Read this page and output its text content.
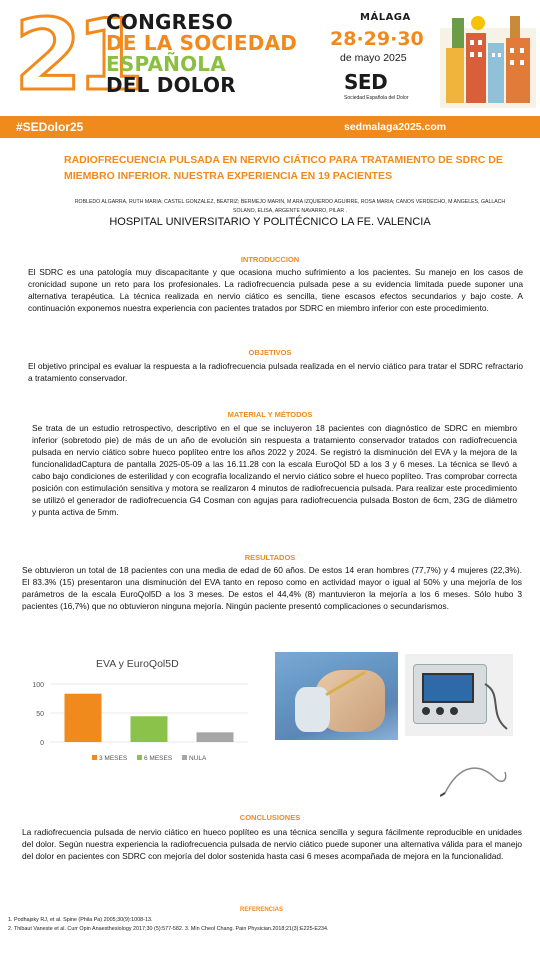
21
CONGRESO
DE LA SOCIEDAD
ESPAÑOLA
DEL DOLOR
MÁLAGA
28·29·30
de mayo 2025
SED
Sociedad Española del Dolor
#SEDolor25	sedmalaga2025.com
RADIOFRECUENCIA PULSADA EN NERVIO CIÁTICO PARA TRATAMIENTO DE SDRC DE MIEMBRO INFERIOR. NUESTRA EXPERIENCIA EN 19 PACIENTES
ROBLEDO ALGARRA, RUTH MARIA; CASTEL GONZALEZ, BEATRIZ; BERMEJO MARIN, M ARA IZQUIERDO AGUIRRE, ROSA MARIA; CANOS VERDECHO, M ANGELES, GALLACH SOLANO, ELISA, ARGENTE NAVARRO, PILAR .
HOSPITAL UNIVERSITARIO Y POLITÉCNICO LA FE. VALENCIA
INTRODUCCION
El SDRC es una patología muy discapacitante y que ocasiona mucho sufrimiento a los pacientes. Su manejo en los casos de cronicidad supone un reto para los profesionales. La radiofrecuencia pulsada pese a su evidencia limitada puede suponer una alternativa terapéutica. La técnica realizada en nervio ciático es sencilla, tiene escasos efectos secundarios y bajo coste. A continuación exponemos nuestra experiencia con pacientes tratados por SDRC en miembro inferior con este procedimiento.
OBJETIVOS
El objetivo principal es evaluar la respuesta a la radiofrecuencia pulsada realizada en el nervio ciático para tratar el SDRC refractario a tratamiento conservador.
MATERIAL Y MÉTODOS
Se trata de un estudio retrospectivo, descriptivo en el que se incluyeron 18 pacientes con diagnóstico de SDRC en miembro inferior (sobretodo pie) de más de un año de evolución sin respuesta a tratamiento conservador tratados con radiofrecuencia pulsada en nervio ciático sobre hueco poplíteo entre los años 2022 y 2024. Se registró la disminución del EVA y la mejora de la funcionalidadCaptura de pantalla 2025-05-09 a las 16.11.28 con la escala EuroQol 5D a los 3 y 6 meses. La técnica se llevó a cabo bajo condiciones de esterilidad y con ecografía localizando el nervio ciático sobre el hueco poplíteo. Tras comprobar correcta posición con estimulación sensitiva y motora se realizaron 4 minutos de radiofrecuencia pulsada. Para realizar este procedimiento se utilizó el generador de radiofrecuencia G4 Cosman con agujas para radiofrecuencia pulsada Boston de 6cm, 23G de diámetro y punta activa de 5mm.
RESULTADOS
Se obtuvieron un total de 18 pacientes con una media de edad de 60 años. De estos 14 eran hombres (77,7%) y 4 mujeres (22,3%). El 83.3% (15) presentaron una disminución del EVA tanto en reposo como en actividad mayor o igual al 50% y una mejoría de los parámetros de la escala EuroQol5D a los 3 meses. De estos el 44,4% (8) mantuvieron la mejoría a los 6 meses. Sólo hubo 3 pacientes (16,7%) que no obtuvieron ninguna mejoría. Ningún paciente presentó complicaciones o secundarismos.
EVA y EuroQol5D
0
50
100
3 MESES	6 MESES	NULA
CONCLUSIONES
La radiofrecuencia pulsada de nervio ciático en hueco poplíteo es una técnica sencilla y segura fácilmente reproducible en unidades del dolor. Según nuestra experiencia la radiofrecuencia pulsada de nervio ciático puede suponer una alternativa válida para el manejo del dolor en pacientes con SDRC con mejoría del dolor sostenida hasta casi 6 meses acompañada de mejora en la funcionalidad.
REFERENCIAS
1. Podhajsky RJ, et al. Spine (Phila Pa) 2005;30(9):1008-13.
2. Thibaut Vaneste et al. Curr Opin Anaesthesiology 2017;30 (5):577-582. 3. Min Cheol Chang. Pain Physician.2018;21(3):E225-E234.
